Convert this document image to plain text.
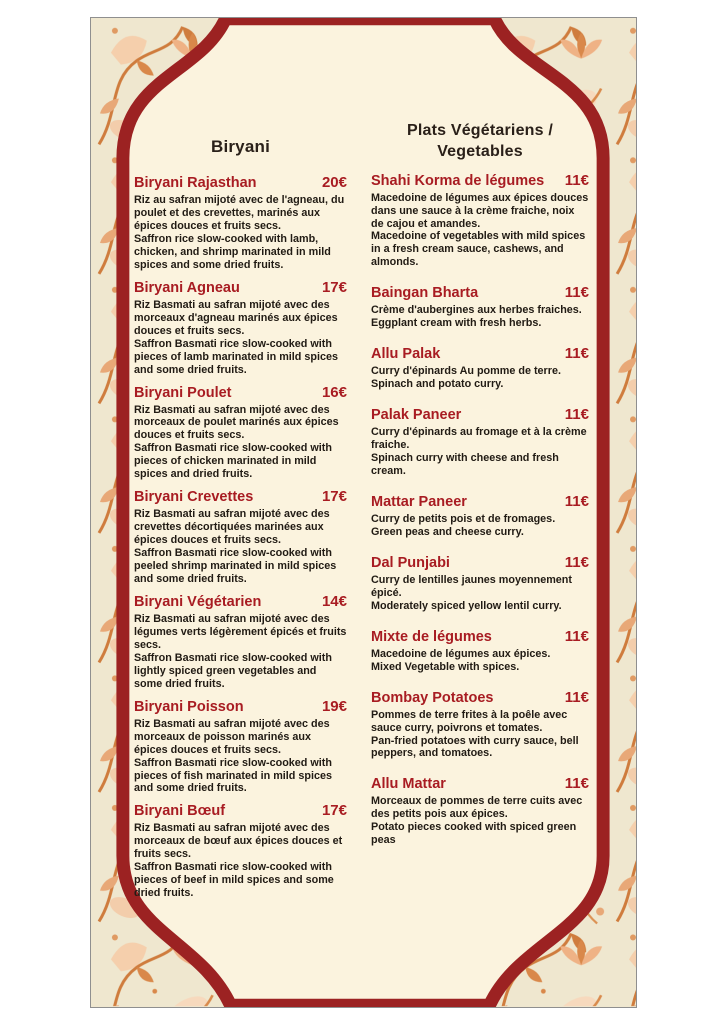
Biryani
Biryani Rajasthan	20€
Riz au safran mijoté avec de l'agneau, du poulet et des crevettes, marinés aux épices douces et fruits secs.
Saffron rice slow-cooked with lamb, chicken, and shrimp marinated in mild spices and some dried fruits.
Biryani Agneau	17€
Riz Basmati au safran mijoté avec des morceaux d'agneau marinés aux épices douces et fruits secs.
Saffron Basmati rice slow-cooked with pieces of lamb marinated in mild spices and some dried fruits.
Biryani Poulet	16€
Riz Basmati au safran mijoté avec des morceaux de poulet marinés aux épices douces et fruits secs.
Saffron Basmati rice slow-cooked with pieces of chicken marinated in mild spices and dried fruits.
Biryani Crevettes	17€
Riz Basmati au safran mijoté avec des crevettes décortiquées marinées aux épices douces et fruits secs.
Saffron Basmati rice slow-cooked with peeled shrimp marinated in mild spices and some dried fruits.
Biryani Végétarien	14€
Riz Basmati au safran mijoté avec des légumes verts légèrement épicés et fruits secs.
Saffron Basmati rice slow-cooked with lightly spiced green vegetables and some dried fruits.
Biryani Poisson	19€
Riz Basmati au safran mijoté avec des morceaux de poisson marinés aux épices douces et fruits secs.
Saffron Basmati rice slow-cooked with pieces of fish marinated in mild spices and some dried fruits.
Biryani Bœuf	17€
Riz Basmati au safran mijoté avec des morceaux de bœuf aux épices douces et fruits secs.
Saffron Basmati rice slow-cooked with pieces of beef in mild spices and some dried fruits.
Plats Végétariens /
Vegetables
Shahi Korma de légumes	11€
Macedoine de légumes aux épices douces dans une sauce à la crème fraiche, noix de cajou et amandes.
Macedoine of vegetables with mild spices in a fresh cream sauce, cashews, and almonds.
Baingan Bharta	11€
Crème d'aubergines aux herbes fraiches.
Eggplant cream with fresh herbs.
Allu Palak	11€
Curry d'épinards Au pomme de terre.
Spinach and potato curry.
Palak Paneer	11€
Curry d'épinards au fromage et à la crème fraiche.
Spinach curry with cheese and fresh cream.
Mattar Paneer	11€
Curry de petits pois et de fromages.
Green peas and cheese curry.
Dal Punjabi	11€
Curry de lentilles jaunes moyennement épicé.
Moderately spiced yellow lentil curry.
Mixte de légumes	11€
Macedoine de légumes aux épices.
Mixed Vegetable with spices.
Bombay Potatoes	11€
Pommes de terre frites à la poêle avec sauce curry, poivrons et tomates.
Pan-fried potatoes with curry sauce, bell peppers, and tomatoes.
Allu Mattar	11€
Morceaux de pommes de terre cuits avec des petits pois aux épices.
Potato pieces cooked with spiced green peas
